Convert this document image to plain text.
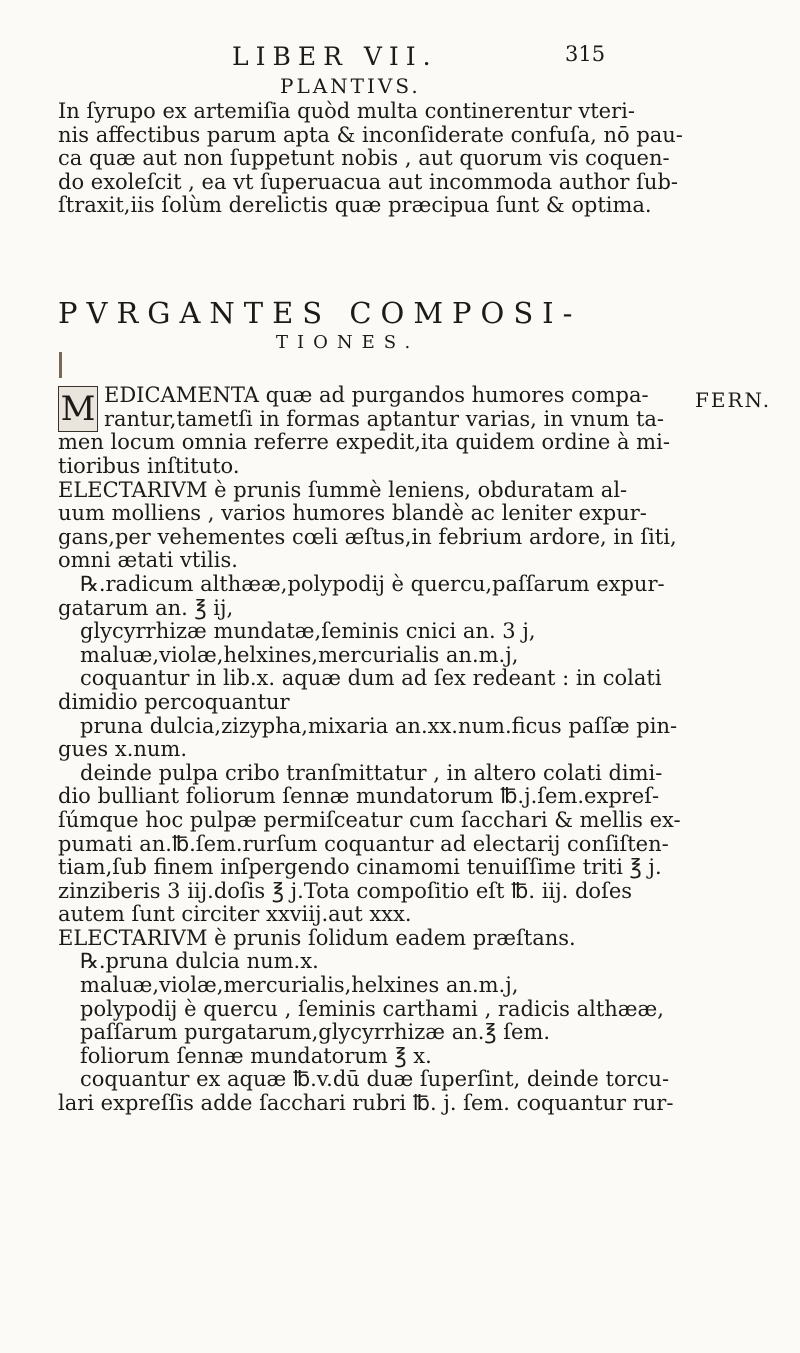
LIBER VII.	315
PLANTIVS.
In ſyrupo ex artemiſia quòd multa continerentur vteri-
nis affectibus parum apta & inconſiderate confuſa, nō pau-
ca quæ aut non ſuppetunt nobis , aut quorum vis coquen-
do exoleſcit , ea vt ſuperuacua aut incommoda author ſub-
ſtraxit,iis ſolùm derelictis quæ præcipua ſunt & optima.
PVRGANTES COMPOSI-
TIONES.
M	FERN.
EDICAMENTA quæ ad purgandos humores compa-
rantur,tametſi in formas aptantur varias, in vnum ta-
men locum omnia referre expedit,ita quidem ordine à mi-
tioribus inſtituto.
ELECTARIVM è prunis ſummè leniens, obduratam al-
uum molliens , varios humores blandè ac leniter expur-
gans,per vehementes cœli æſtus,in febrium ardore, in ſiti,
omni ætati vtilis.
℞.radicum althææ,polypodij è quercu,paſſarum expur-
gatarum an. ℥ ij,
glycyrrhizæ mundatæ,ſeminis cnici an. 3 j,
maluæ,violæ,helxines,mercurialis an.m.j,
coquantur in lib.x. aquæ dum ad ſex redeant : in colati
dimidio percoquantur
pruna dulcia,zizypha,mixaria an.xx.num.ficus paſſæ pin-
gues x.num.
deinde pulpa cribo tranſmittatur , in altero colati dimi-
dio bulliant foliorum ſennæ mundatorum ℔.j.ſem.expreſ-
ſúmque hoc pulpæ permiſceatur cum ſacchari & mellis ex-
pumati an.℔.ſem.rurſum coquantur ad electarij conſiſten-
tiam,ſub finem inſpergendo cinamomi tenuiſſime triti ℥ j.
zinziberis 3 iij.doſis ℥ j.Tota compoſitio eſt ℔. iij. doſes
autem ſunt circiter xxviij.aut xxx.
ELECTARIVM è prunis ſolidum eadem præſtans.
℞.pruna dulcia num.x.
maluæ,violæ,mercurialis,helxines an.m.j,
polypodij è quercu , ſeminis carthami , radicis althææ,
paſſarum purgatarum,glycyrrhizæ an.℥ ſem.
foliorum ſennæ mundatorum ℥ x.
coquantur ex aquæ ℔.v.dū duæ ſuperſint, deinde torcu-
lari expreſſis adde ſacchari rubri ℔. j. ſem. coquantur rur-
